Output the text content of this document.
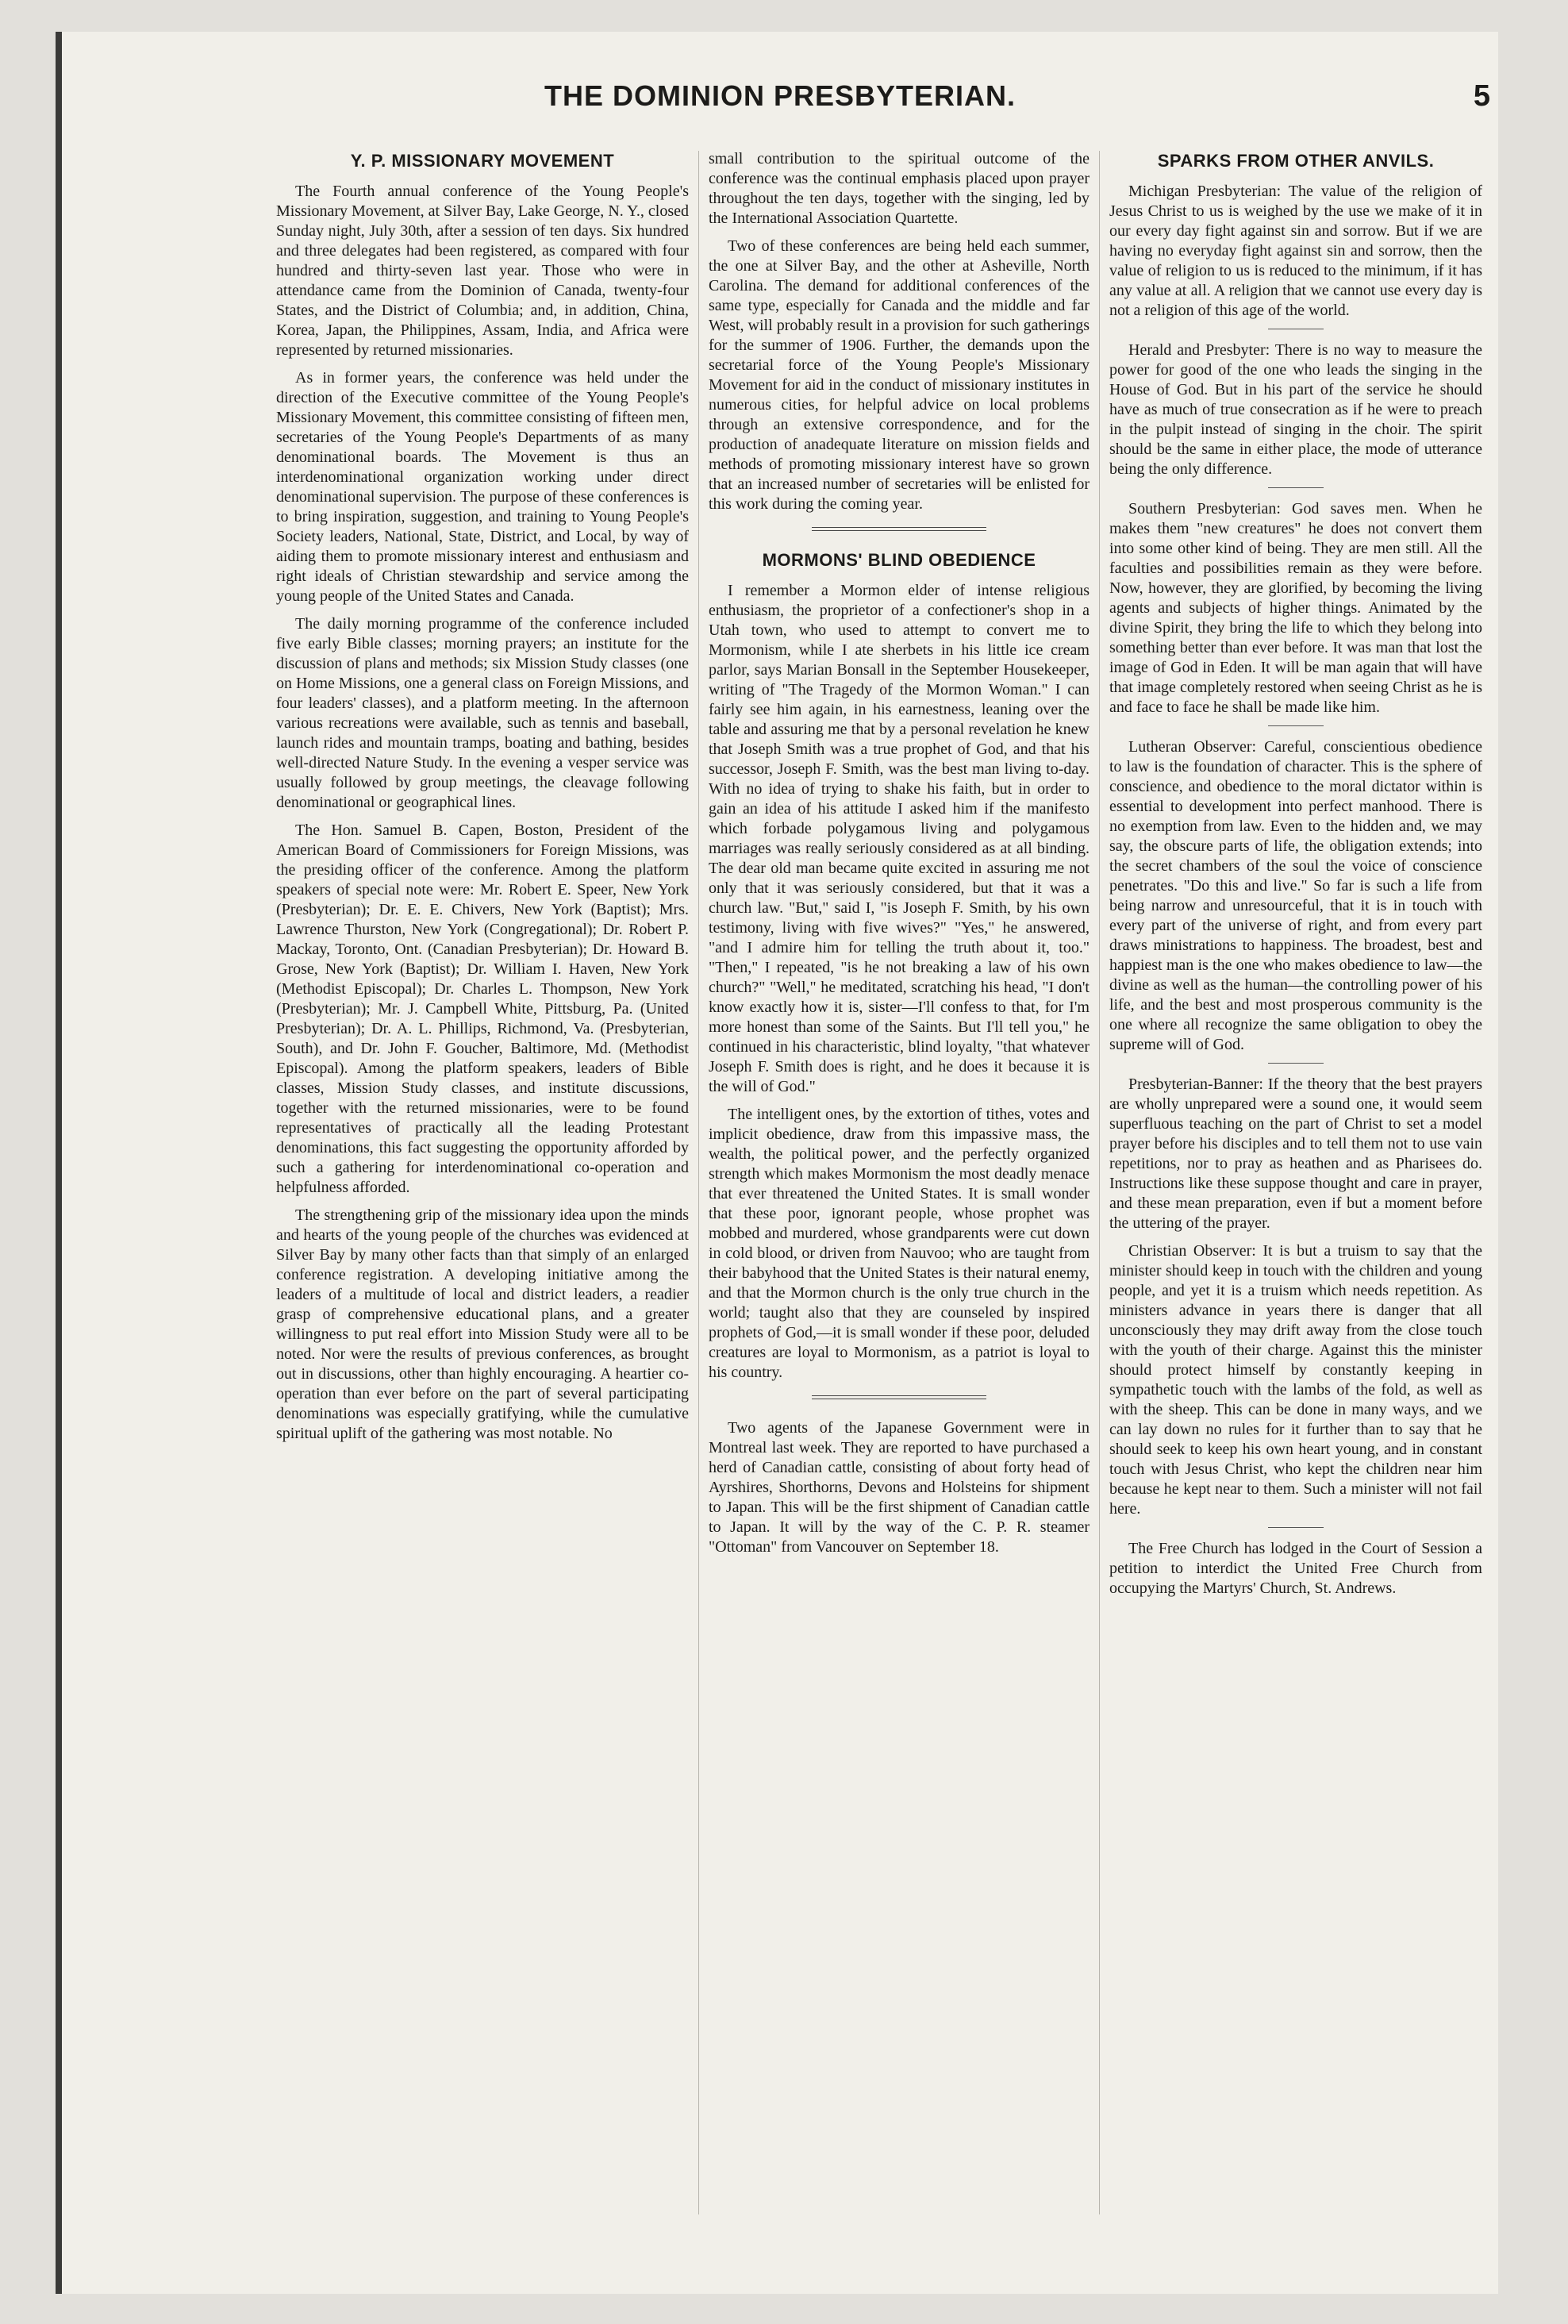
THE DOMINION PRESBYTERIAN.	5
Y. P. MISSIONARY MOVEMENT

The Fourth annual conference of the Young People's Missionary Movement, at Silver Bay, Lake George, N. Y., closed Sunday night, July 30th, after a session of ten days. Six hundred and three delegates had been registered, as compared with four hundred and thirty-seven last year. Those who were in attendance came from the Dominion of Canada, twenty-four States, and the District of Columbia; and, in addition, China, Korea, Japan, the Philippines, Assam, India, and Africa were represented by returned missionaries.

As in former years, the conference was held under the direction of the Executive committee of the Young People's Missionary Movement, this committee consisting of fifteen men, secretaries of the Young People's Departments of as many denominational boards. The Movement is thus an interdenominational organization working under direct denominational supervision. The purpose of these conferences is to bring inspiration, suggestion, and training to Young People's Society leaders, National, State, District, and Local, by way of aiding them to promote missionary interest and enthusiasm and right ideals of Christian stewardship and service among the young people of the United States and Canada.

The daily morning programme of the conference included five early Bible classes; morning prayers; an institute for the discussion of plans and methods; six Mission Study classes (one on Home Missions, one a general class on Foreign Missions, and four leaders' classes), and a platform meeting. In the afternoon various recreations were available, such as tennis and baseball, launch rides and mountain tramps, boating and bathing, besides well-directed Nature Study. In the evening a vesper service was usually followed by group meetings, the cleavage following denominational or geographical lines.

The Hon. Samuel B. Capen, Boston, President of the American Board of Commissioners for Foreign Missions, was the presiding officer of the conference. Among the platform speakers of special note were: Mr. Robert E. Speer, New York (Presbyterian); Dr. E. E. Chivers, New York (Baptist); Mrs. Lawrence Thurston, New York (Congregational); Dr. Robert P. Mackay, Toronto, Ont. (Canadian Presbyterian); Dr. Howard B. Grose, New York (Baptist); Dr. William I. Haven, New York (Methodist Episcopal); Dr. Charles L. Thompson, New York (Presbyterian); Mr. J. Campbell White, Pittsburg, Pa. (United Presbyterian); Dr. A. L. Phillips, Richmond, Va. (Presbyterian, South), and Dr. John F. Goucher, Baltimore, Md. (Methodist Episcopal). Among the platform speakers, leaders of Bible classes, Mission Study classes, and institute discussions, together with the returned missionaries, were to be found representatives of practically all the leading Protestant denominations, this fact suggesting the opportunity afforded by such a gathering for interdenominational co-operation and helpfulness afforded.

The strengthening grip of the missionary idea upon the minds and hearts of the young people of the churches was evidenced at Silver Bay by many other facts than that simply of an enlarged conference registration. A developing initiative among the leaders of a multitude of local and district leaders, a readier grasp of comprehensive educational plans, and a greater willingness to put real effort into Mission Study were all to be noted. Nor were the results of previous conferences, as brought out in discussions, other than highly encouraging. A heartier co-operation than ever before on the part of several participating denominations was especially gratifying, while the cumulative spiritual uplift of the gathering was most notable. No

small contribution to the spiritual outcome of the conference was the continual emphasis placed upon prayer throughout the ten days, together with the singing, led by the International Association Quartette.

Two of these conferences are being held each summer, the one at Silver Bay, and the other at Asheville, North Carolina. The demand for additional conferences of the same type, especially for Canada and the middle and far West, will probably result in a provision for such gatherings for the summer of 1906. Further, the demands upon the secretarial force of the Young People's Missionary Movement for aid in the conduct of missionary institutes in numerous cities, for helpful advice on local problems through an extensive correspondence, and for the production of anadequate literature on mission fields and methods of promoting missionary interest have so grown that an increased number of secretaries will be enlisted for this work during the coming year.

MORMONS' BLIND OBEDIENCE

I remember a Mormon elder of intense religious enthusiasm, the proprietor of a confectioner's shop in a Utah town, who used to attempt to convert me to Mormonism, while I ate sherbets in his little ice cream parlor, says Marian Bonsall in the September Housekeeper, writing of "The Tragedy of the Mormon Woman." I can fairly see him again, in his earnestness, leaning over the table and assuring me that by a personal revelation he knew that Joseph Smith was a true prophet of God, and that his successor, Joseph F. Smith, was the best man living to-day. With no idea of trying to shake his faith, but in order to gain an idea of his attitude I asked him if the manifesto which forbade polygamous living and polygamous marriages was really seriously considered as at all binding. The dear old man became quite excited in assuring me not only that it was seriously considered, but that it was a church law. "But," said I, "is Joseph F. Smith, by his own testimony, living with five wives?" "Yes," he answered, "and I admire him for telling the truth about it, too." "Then," I repeated, "is he not breaking a law of his own church?" "Well," he meditated, scratching his head, "I don't know exactly how it is, sister—I'll confess to that, for I'm more honest than some of the Saints. But I'll tell you," he continued in his characteristic, blind loyalty, "that whatever Joseph F. Smith does is right, and he does it because it is the will of God."

The intelligent ones, by the extortion of tithes, votes and implicit obedience, draw from this impassive mass, the wealth, the political power, and the perfectly organized strength which makes Mormonism the most deadly menace that ever threatened the United States. It is small wonder that these poor, ignorant people, whose prophet was mobbed and murdered, whose grandparents were cut down in cold blood, or driven from Nauvoo; who are taught from their babyhood that the United States is their natural enemy, and that the Mormon church is the only true church in the world; taught also that they are counseled by inspired prophets of God,—it is small wonder if these poor, deluded creatures are loyal to Mormonism, as a patriot is loyal to his country.

Two agents of the Japanese Government were in Montreal last week. They are reported to have purchased a herd of Canadian cattle, consisting of about forty head of Ayrshires, Shorthorns, Devons and Holsteins for shipment to Japan. This will be the first shipment of Canadian cattle to Japan. It will by the way of the C. P. R. steamer "Ottoman" from Vancouver on September 18.

SPARKS FROM OTHER ANVILS.

Michigan Presbyterian: The value of the religion of Jesus Christ to us is weighed by the use we make of it in our every day fight against sin and sorrow. But if we are having no everyday fight against sin and sorrow, then the value of religion to us is reduced to the minimum, if it has any value at all. A religion that we cannot use every day is not a religion of this age of the world.

Herald and Presbyter: There is no way to measure the power for good of the one who leads the singing in the House of God. But in his part of the service he should have as much of true consecration as if he were to preach in the pulpit instead of singing in the choir. The spirit should be the same in either place, the mode of utterance being the only difference.

Southern Presbyterian: God saves men. When he makes them "new creatures" he does not convert them into some other kind of being. They are men still. All the faculties and possibilities remain as they were before. Now, however, they are glorified, by becoming the living agents and subjects of higher things. Animated by the divine Spirit, they bring the life to which they belong into something better than ever before. It was man that lost the image of God in Eden. It will be man again that will have that image completely restored when seeing Christ as he is and face to face he shall be made like him.

Lutheran Observer: Careful, conscientious obedience to law is the foundation of character. This is the sphere of conscience, and obedience to the moral dictator within is essential to development into perfect manhood. There is no exemption from law. Even to the hidden and, we may say, the obscure parts of life, the obligation extends; into the secret chambers of the soul the voice of conscience penetrates. "Do this and live." So far is such a life from being narrow and unresourceful, that it is in touch with every part of the universe of right, and from every part draws ministrations to happiness. The broadest, best and happiest man is the one who makes obedience to law—the divine as well as the human—the controlling power of his life, and the best and most prosperous community is the one where all recognize the same obligation to obey the supreme will of God.

Presbyterian-Banner: If the theory that the best prayers are wholly unprepared were a sound one, it would seem superfluous teaching on the part of Christ to set a model prayer before his disciples and to tell them not to use vain repetitions, nor to pray as heathen and as Pharisees do. Instructions like these suppose thought and care in prayer, and these mean preparation, even if but a moment before the uttering of the prayer.

Christian Observer: It is but a truism to say that the minister should keep in touch with the children and young people, and yet it is a truism which needs repetition. As ministers advance in years there is danger that all unconsciously they may drift away from the close touch with the youth of their charge. Against this the minister should protect himself by constantly keeping in sympathetic touch with the lambs of the fold, as well as with the sheep. This can be done in many ways, and we can lay down no rules for it further than to say that he should seek to keep his own heart young, and in constant touch with Jesus Christ, who kept the children near him because he kept near to them. Such a minister will not fail here.

The Free Church has lodged in the Court of Session a petition to interdict the United Free Church from occupying the Martyrs' Church, St. Andrews.
